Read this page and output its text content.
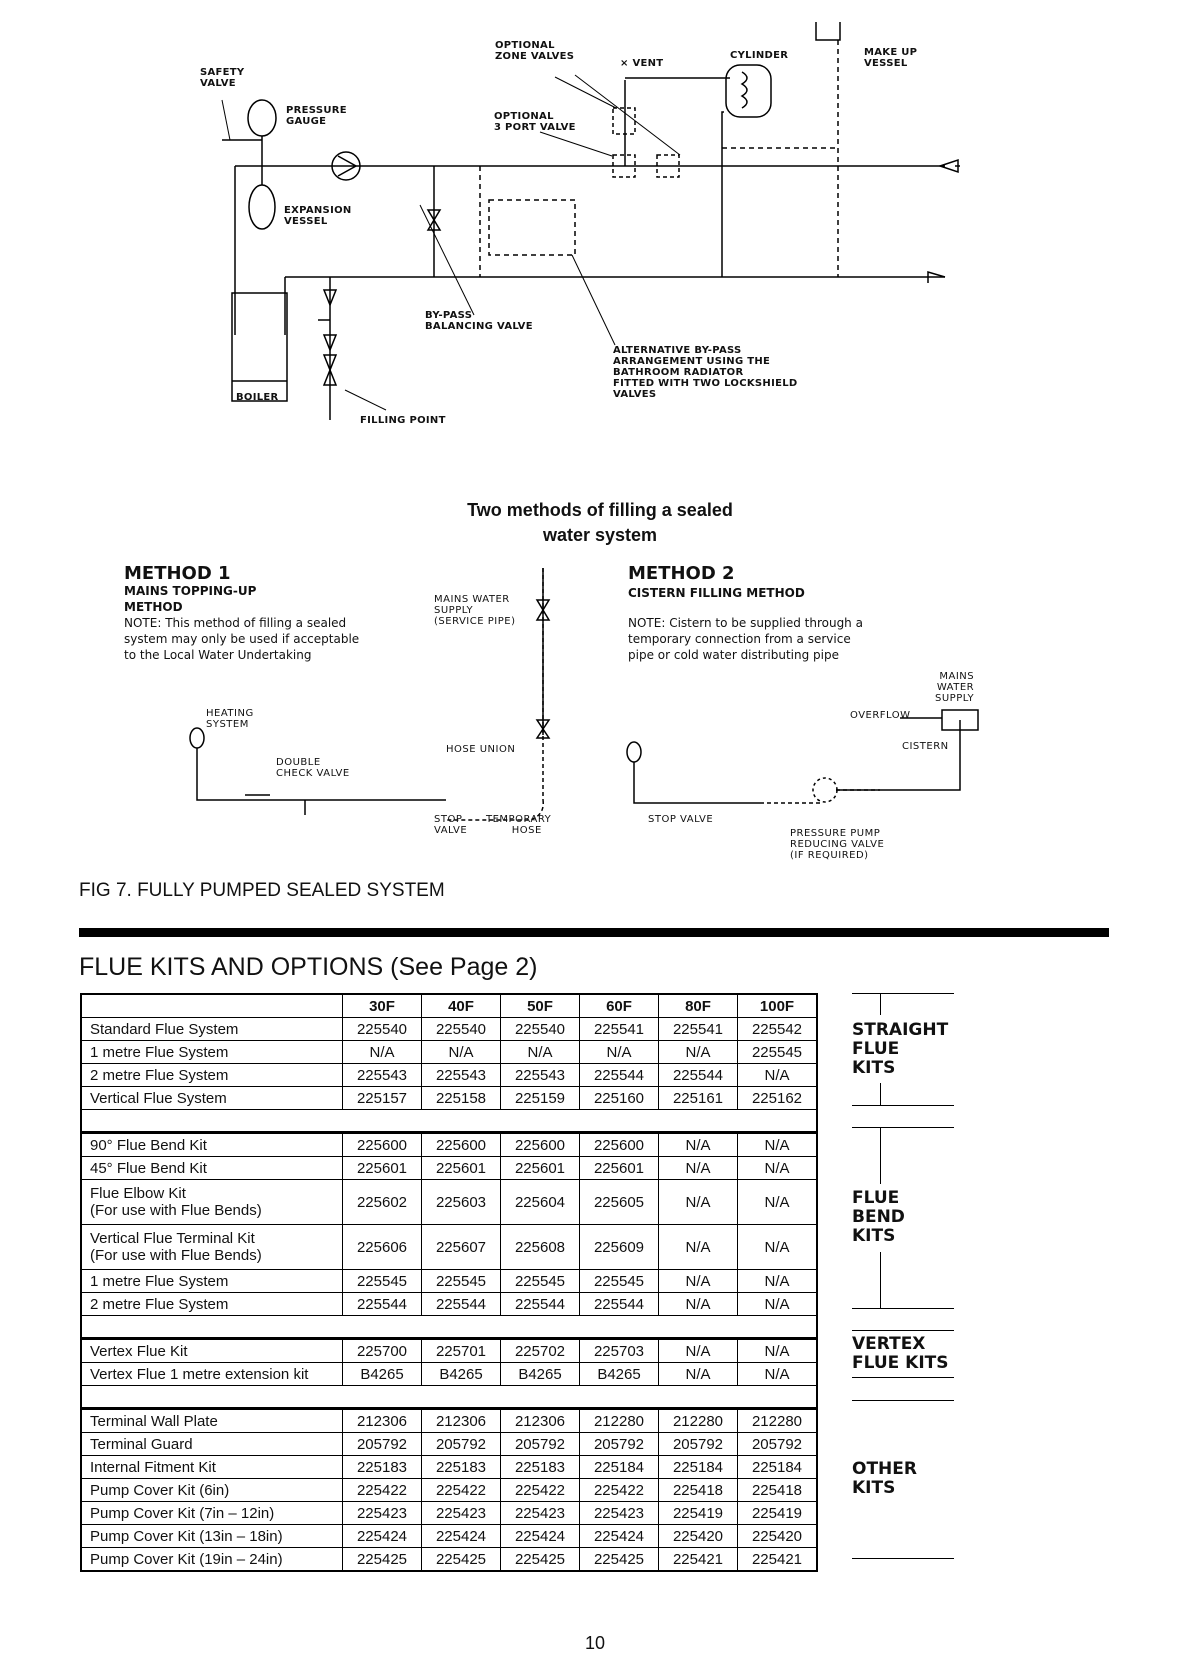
SAFETY
VALVE
PRESSURE
GAUGE
EXPANSION
VESSEL
OPTIONAL
ZONE VALVES
× VENT
CYLINDER	MAKE UP
VESSEL
OPTIONAL
3 PORT VALVE
BY-PASS
BALANCING VALVE
ALTERNATIVE BY-PASS
ARRANGEMENT USING THE
BATHROOM RADIATOR
FITTED WITH TWO LOCKSHIELD
VALVES
BOILER
FILLING POINT
Two methods of filling a sealed
water system
METHOD 1
MAINS TOPPING-UP
METHOD
NOTE: This method of filling a sealed
system may only be used if acceptable
to the Local Water Undertaking
MAINS WATER
SUPPLY
(SERVICE PIPE)
HEATING
SYSTEM
DOUBLE
CHECK VALVE
HOSE UNION
STOP
VALVE
TEMPORARY
HOSE
METHOD 2
CISTERN FILLING METHOD
NOTE: Cistern to be supplied through a
temporary connection from a service
pipe or cold water distributing pipe
MAINS
WATER
SUPPLY
OVERFLOW
CISTERN
STOP VALVE
PRESSURE PUMP
REDUCING VALVE
(IF REQUIRED)
FIG 7. FULLY PUMPED SEALED SYSTEM
FLUE KITS AND OPTIONS (See Page 2)
	30F	40F	50F	60F	80F	100F
Standard Flue System	225540	225540	225540	225541	225541	225542
1 metre Flue System	N/A	N/A	N/A	N/A	N/A	225545
2 metre Flue System	225543	225543	225543	225544	225544	N/A
Vertical Flue System	225157	225158	225159	225160	225161	225162

90° Flue Bend Kit	225600	225600	225600	225600	N/A	N/A
45° Flue Bend Kit	225601	225601	225601	225601	N/A	N/A
Flue Elbow Kit
(For use with Flue Bends)	225602	225603	225604	225605	N/A	N/A
Vertical Flue Terminal Kit
(For use with Flue Bends)	225606	225607	225608	225609	N/A	N/A
1 metre Flue System	225545	225545	225545	225545	N/A	N/A
2 metre Flue System	225544	225544	225544	225544	N/A	N/A

Vertex Flue Kit	225700	225701	225702	225703	N/A	N/A
Vertex Flue 1 metre extension kit	B4265	B4265	B4265	B4265	N/A	N/A

Terminal Wall Plate	212306	212306	212306	212280	212280	212280
Terminal Guard	205792	205792	205792	205792	205792	205792
Internal Fitment Kit	225183	225183	225183	225184	225184	225184
Pump Cover Kit (6in)	225422	225422	225422	225422	225418	225418
Pump Cover Kit (7in – 12in)	225423	225423	225423	225423	225419	225419
Pump Cover Kit (13in – 18in)	225424	225424	225424	225424	225420	225420
Pump Cover Kit (19in – 24in)	225425	225425	225425	225425	225421	225421
STRAIGHT
FLUE
KITS
FLUE
BEND
KITS
VERTEX
FLUE KITS
OTHER
KITS
10
